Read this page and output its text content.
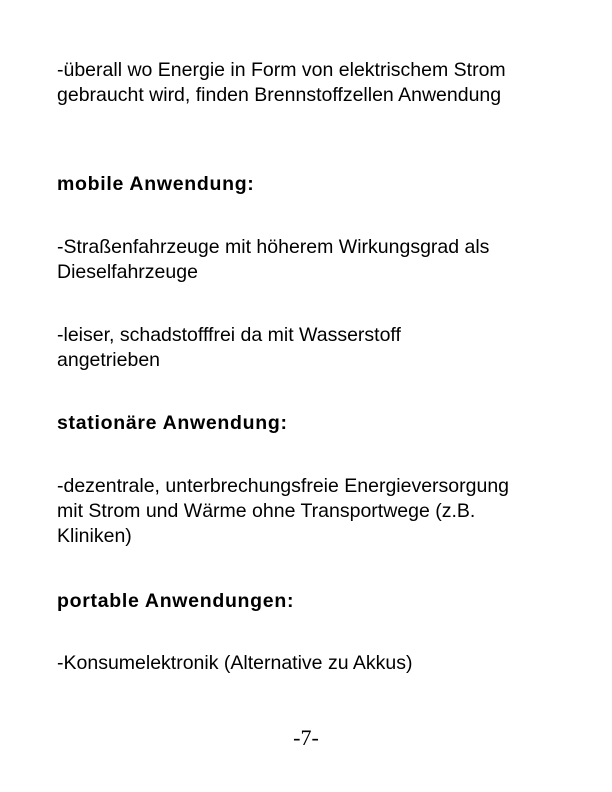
-überall wo Energie in Form von elektrischem Strom gebraucht wird, finden Brennstoffzellen Anwendung

mobile Anwendung:

-Straßenfahrzeuge mit höherem Wirkungsgrad als Dieselfahrzeuge

-leiser, schadstofffrei da mit Wasserstoff angetrieben

stationäre Anwendung:

-dezentrale, unterbrechungsfreie Energieversorgung mit Strom und Wärme ohne Transportwege (z.B. Kliniken)

portable Anwendungen:

-Konsumelektronik (Alternative zu Akkus)

-7-
